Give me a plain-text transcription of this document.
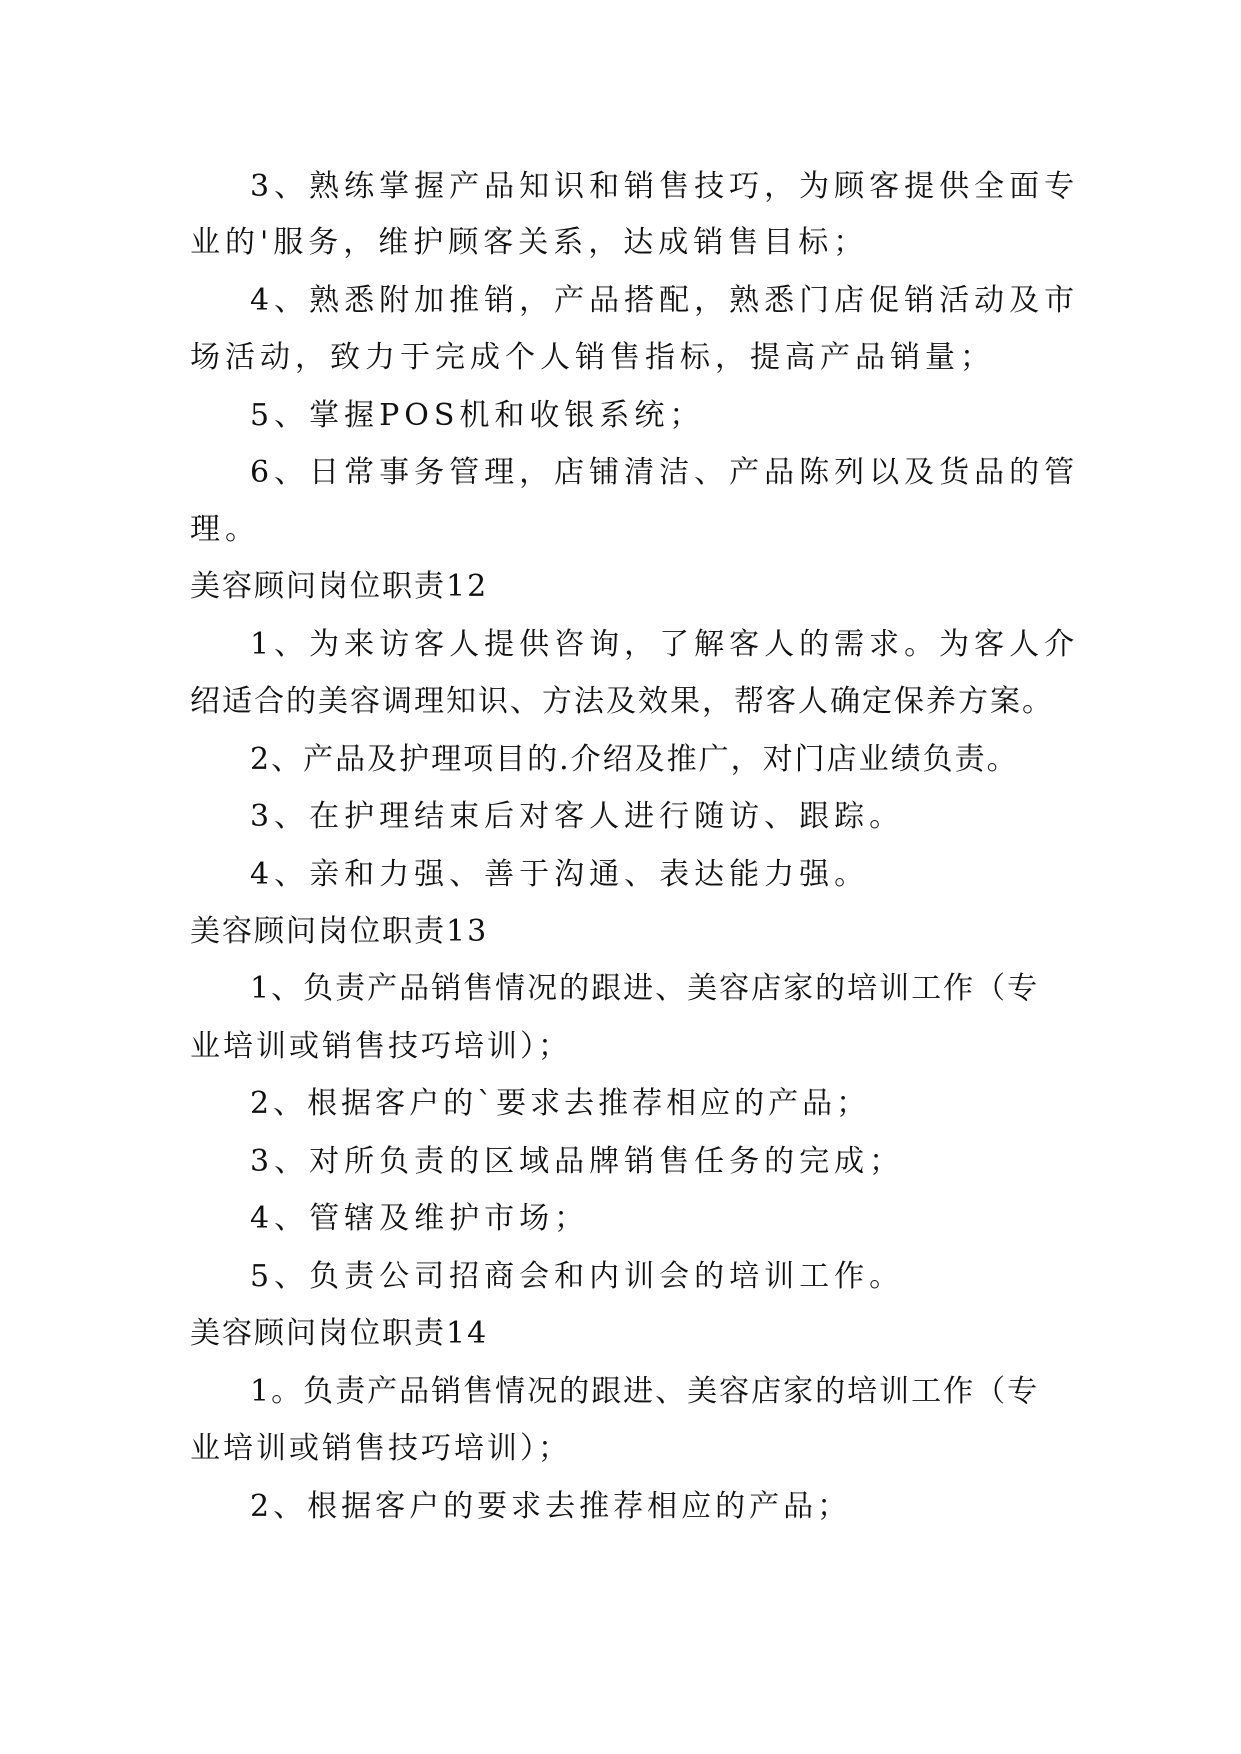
3、熟练掌握产品知识和销售技巧，为顾客提供全面专
业的'服务，维护顾客关系，达成销售目标；
4、熟悉附加推销，产品搭配，熟悉门店促销活动及市
场活动，致力于完成个人销售指标，提高产品销量；
5、掌握POS机和收银系统；
6、日常事务管理，店铺清洁、产品陈列以及货品的管
理。
美容顾问岗位职责12
1、为来访客人提供咨询，了解客人的需求。为客人介
绍适合的美容调理知识、方法及效果，帮客人确定保养方案。
2、产品及护理项目的.介绍及推广，对门店业绩负责。
3、在护理结束后对客人进行随访、跟踪。
4、亲和力强、善于沟通、表达能力强。
美容顾问岗位职责13
1、负责产品销售情况的跟进、美容店家的培训工作（专
业培训或销售技巧培训）；
2、根据客户的`要求去推荐相应的产品；
3、对所负责的区域品牌销售任务的完成；
4、管辖及维护市场；
5、负责公司招商会和内训会的培训工作。
美容顾问岗位职责14
1。负责产品销售情况的跟进、美容店家的培训工作（专
业培训或销售技巧培训）；
2、根据客户的要求去推荐相应的产品；
